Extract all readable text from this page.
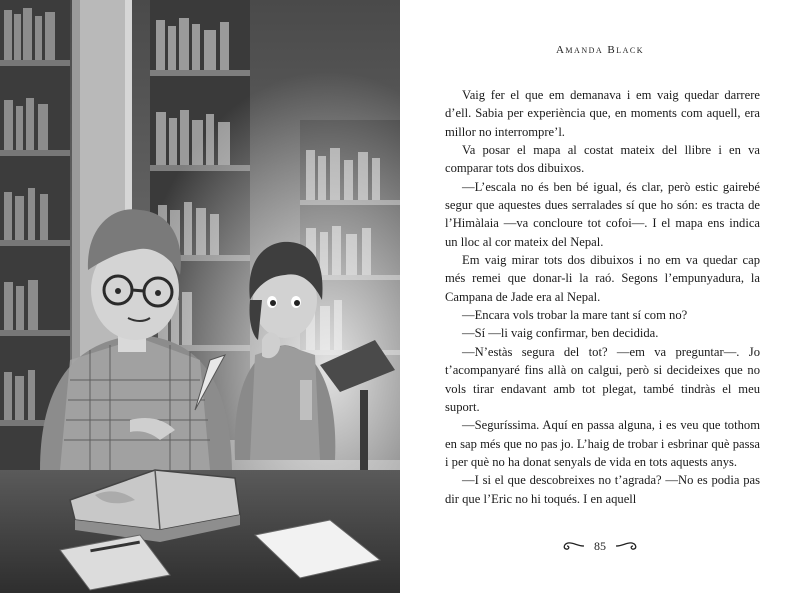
Amanda Black

Vaig fer el que em demanava i em vaig quedar darrere d’ell. Sabia per experiència que, en moments com aquell, era millor no interrompre’l.

Va posar el mapa al costat mateix del llibre i en va comparar tots dos dibuixos.

—L’escala no és ben bé igual, és clar, però estic gairebé segur que aquestes dues serralades sí que ho són: es tracta de l’Himàlaia —va concloure tot cofoi—. I el mapa ens indica un lloc al cor mateix del Nepal.

Em vaig mirar tots dos dibuixos i no em va quedar cap més remei que donar-li la raó. Segons l’empunyadura, la Campana de Jade era al Nepal.

—Encara vols trobar la mare tant sí com no?

—Sí —li vaig confirmar, ben decidida.

—N’estàs segura del tot? —em va preguntar—. Jo t’acompanyaré fins allà on calgui, però si decideixes que no vols tirar endavant amb tot plegat, també tindràs el meu suport.

—Seguríssima. Aquí en passa alguna, i es veu que tothom en sap més que no pas jo. L’haig de trobar i esbrinar què passa i per què no ha donat senyals de vida en tots aquests anys.

—I si el que descobreixes no t’agrada? —No es podia pas dir que l’Eric no hi toqués. I en aquell

85
